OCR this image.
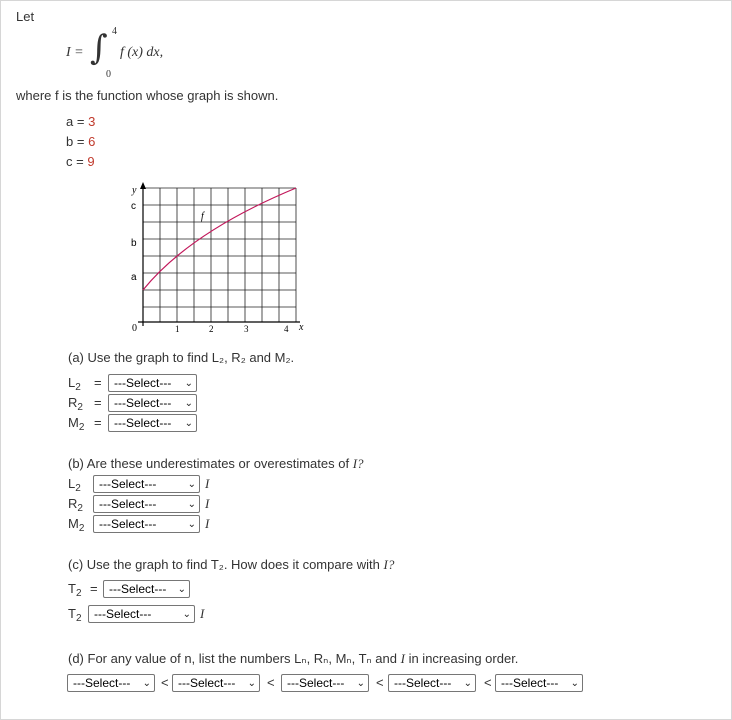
Let
I = ∫ 4
0
f (x) dx,
where f is the function whose graph is shown.
a = 3
b = 6
c = 9
y
x
f
0	1	2	3	4
a
b
c
(a) Use the graph to find L₂, R₂ and M₂.
$L_2$ =	---Select--- ⌄
$R_2$ =	---Select--- ⌄
$M_2$ =	---Select--- ⌄
(b) Are these underestimates or overestimates of I?
$L_2$	---Select---	⌄ I
$R_2$	---Select---	⌄ I
$M_2$	---Select---	⌄ I
(c) Use the graph to find T₂. How does it compare with I?
$T_2$ = ---Select--- ⌄
$T_2$	---Select---	⌄ I
(d) For any value of n, list the numbers Lₙ, Rₙ, Mₙ, Tₙ and I in increasing order.
---Select--- ⌄ < ---Select--- ⌄ <	---Select--- ⌄ < ---Select--- ⌄ < ---Select--- ⌄
